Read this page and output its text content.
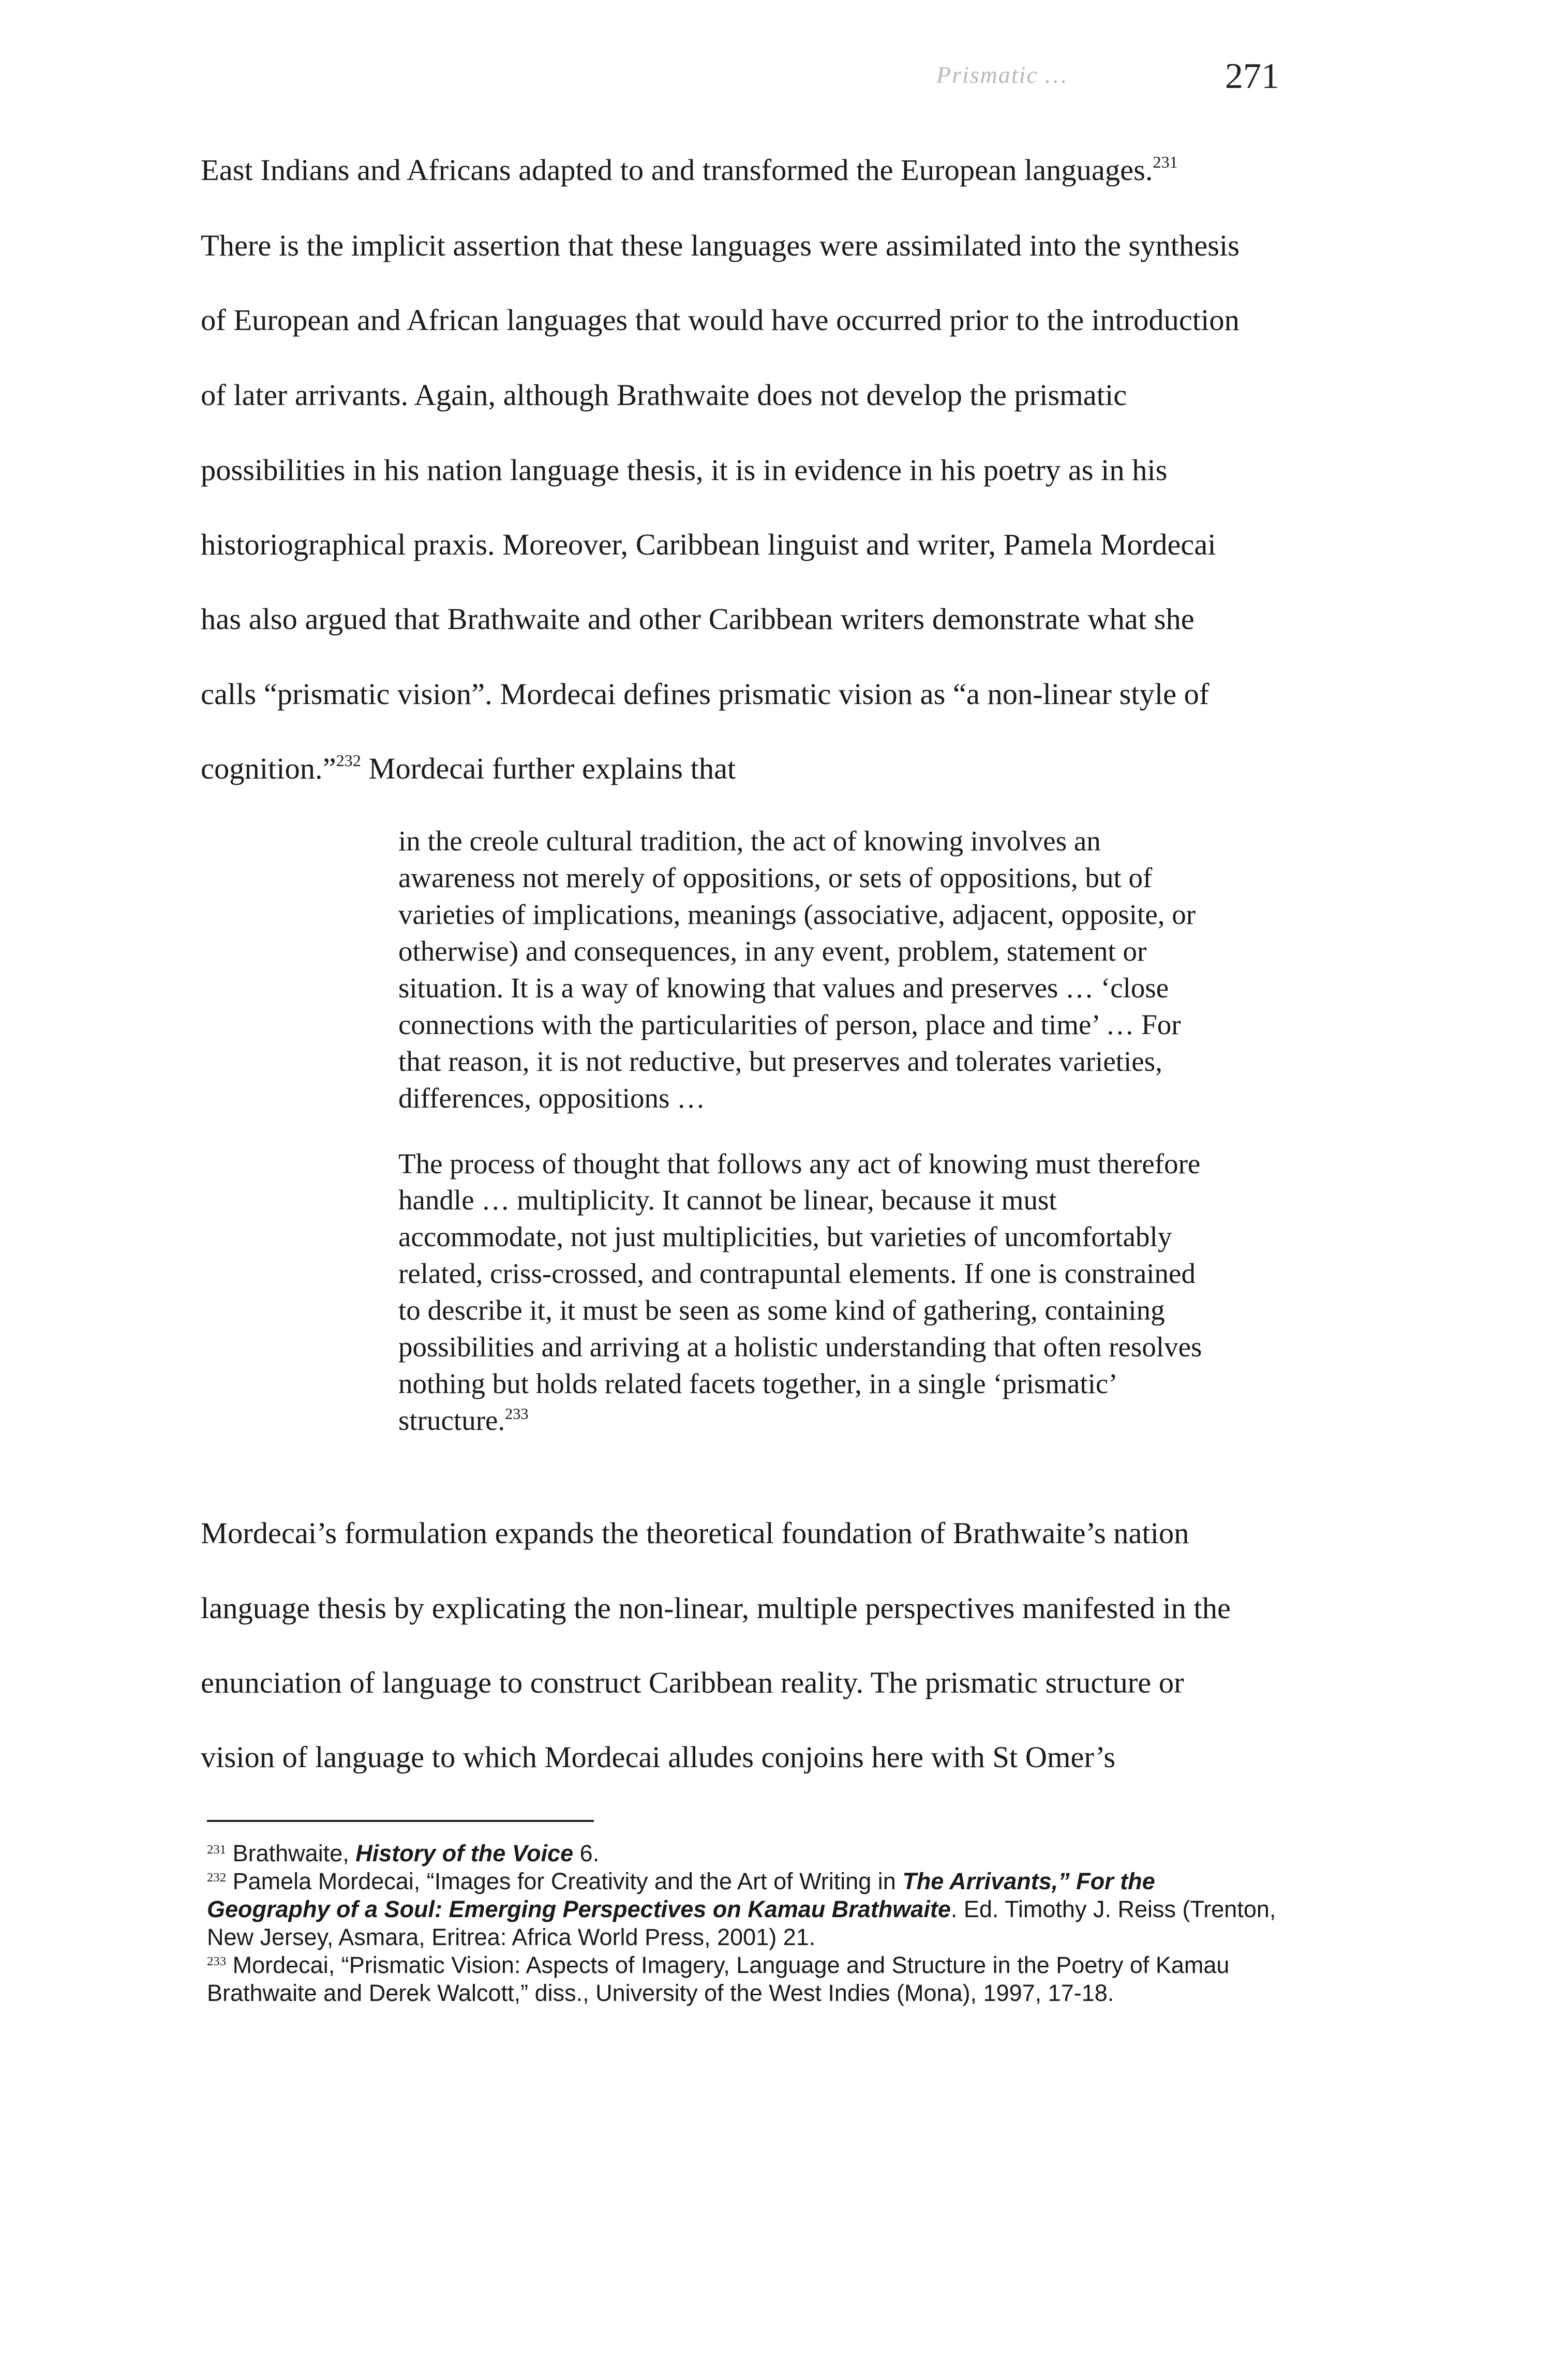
Prismatic …	271
East Indians and Africans adapted to and transformed the European languages.$^{231}$
There is the implicit assertion that these languages were assimilated into the synthesis
of European and African languages that would have occurred prior to the introduction
of later arrivants. Again, although Brathwaite does not develop the prismatic
possibilities in his nation language thesis, it is in evidence in his poetry as in his
historiographical praxis. Moreover, Caribbean linguist and writer, Pamela Mordecai
has also argued that Brathwaite and other Caribbean writers demonstrate what she
calls “prismatic vision”. Mordecai defines prismatic vision as “a non-linear style of
cognition.”$^{232}$ Mordecai further explains that
in the creole cultural tradition, the act of knowing involves an
awareness not merely of oppositions, or sets of oppositions, but of
varieties of implications, meanings (associative, adjacent, opposite, or
otherwise) and consequences, in any event, problem, statement or
situation. It is a way of knowing that values and preserves … ‘close
connections with the particularities of person, place and time’ … For
that reason, it is not reductive, but preserves and tolerates varieties,
differences, oppositions …
The process of thought that follows any act of knowing must therefore
handle … multiplicity. It cannot be linear, because it must
accommodate, not just multiplicities, but varieties of uncomfortably
related, criss-crossed, and contrapuntal elements. If one is constrained
to describe it, it must be seen as some kind of gathering, containing
possibilities and arriving at a holistic understanding that often resolves
nothing but holds related facets together, in a single ‘prismatic’
structure.$^{233}$
Mordecai’s formulation expands the theoretical foundation of Brathwaite’s nation
language thesis by explicating the non-linear, multiple perspectives manifested in the
enunciation of language to construct Caribbean reality. The prismatic structure or
vision of language to which Mordecai alludes conjoins here with St Omer’s
$^{231}$ Brathwaite, History of the Voice 6.
$^{232}$ Pamela Mordecai, “Images for Creativity and the Art of Writing in The Arrivants,” For the
Geography of a Soul: Emerging Perspectives on Kamau Brathwaite. Ed. Timothy J. Reiss (Trenton,
New Jersey, Asmara, Eritrea: Africa World Press, 2001) 21.
$^{233}$ Mordecai, “Prismatic Vision: Aspects of Imagery, Language and Structure in the Poetry of Kamau
Brathwaite and Derek Walcott,” diss., University of the West Indies (Mona), 1997, 17-18.
